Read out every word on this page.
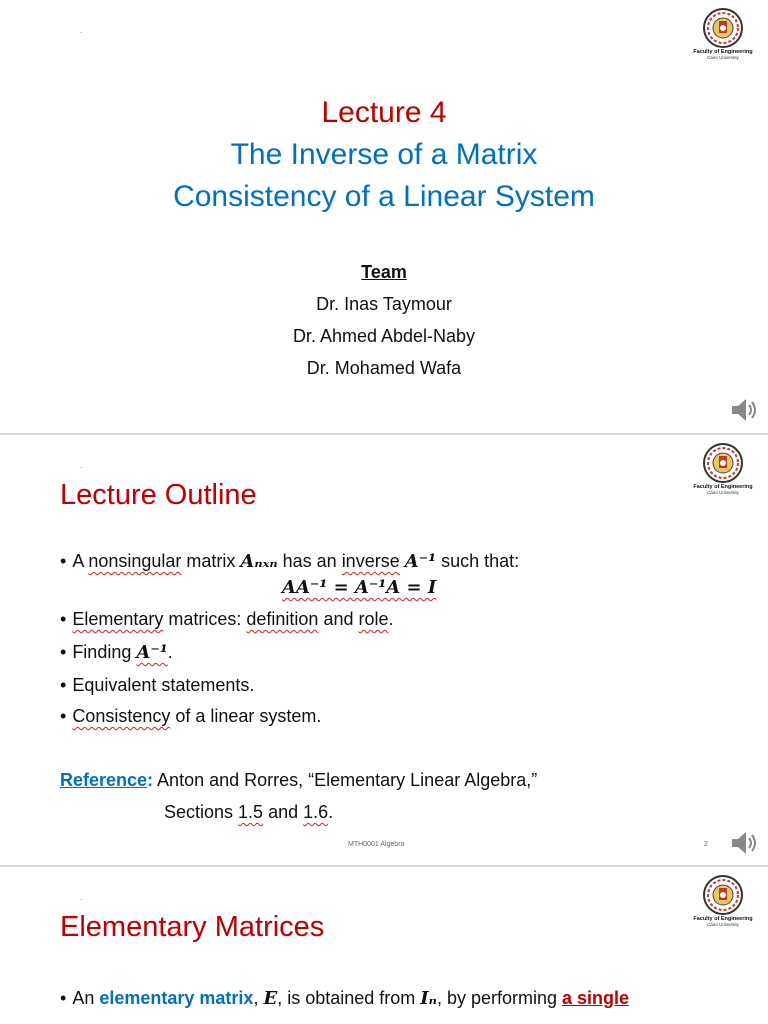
.
Faculty of Engineering
Cairo University
Lecture 4
The Inverse of a Matrix
Consistency of a Linear System
Team
Dr. Inas Taymour
Dr. Ahmed Abdel-Naby
Dr. Mohamed Wafa
.
Faculty of Engineering
Cairo University
Lecture Outline
• A nonsingular matrix Aₙₓₙ has an inverse A⁻¹ such that:
AA⁻¹ = A⁻¹A = I
• Elementary matrices: definition and role.
• Finding A⁻¹.
• Equivalent statements.
• Consistency of a linear system.
Reference: Anton and Rorres, “Elementary Linear Algebra,”
Sections 1.5 and 1.6.
MTH0001 Algebra	2
.
Faculty of Engineering
Cairo University
Elementary Matrices
• An elementary matrix, E, is obtained from Iₙ, by performing a single
